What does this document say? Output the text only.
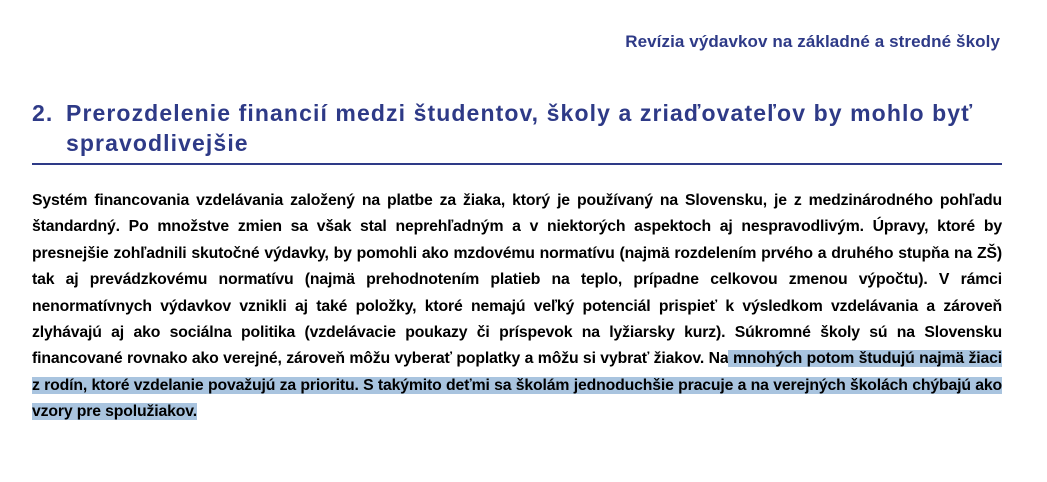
Revízia výdavkov na základné a stredné školy
2. Prerozdelenie financií medzi študentov, školy a zriaďovateľov by mohlo byť spravodlivejšie

Systém financovania vzdelávania založený na platbe za žiaka, ktorý je používaný na Slovensku, je z medzinárodného pohľadu štandardný. Po množstve zmien sa však stal neprehľadným a v niektorých aspektoch aj nespravodlivým. Úpravy, ktoré by presnejšie zohľadnili skutočné výdavky, by pomohli ako mzdovému normatívu (najmä rozdelením prvého a druhého stupňa na ZŠ) tak aj prevádzkovému normatívu (najmä prehodnotením platieb na teplo, prípadne celkovou zmenou výpočtu). V rámci nenormatívnych výdavkov vznikli aj také položky, ktoré nemajú veľký potenciál prispieť k výsledkom vzdelávania a zároveň zlyhávajú aj ako sociálna politika (vzdelávacie poukazy či príspevok na lyžiarsky kurz). Súkromné školy sú na Slovensku financované rovnako ako verejné, zároveň môžu vyberať poplatky a môžu si vybrať žiakov. Na mnohých potom študujú najmä žiaci z rodín, ktoré vzdelanie považujú za prioritu. S takýmito deťmi sa školám jednoduchšie pracuje a na verejných školách chýbajú ako vzory pre spolužiakov.
